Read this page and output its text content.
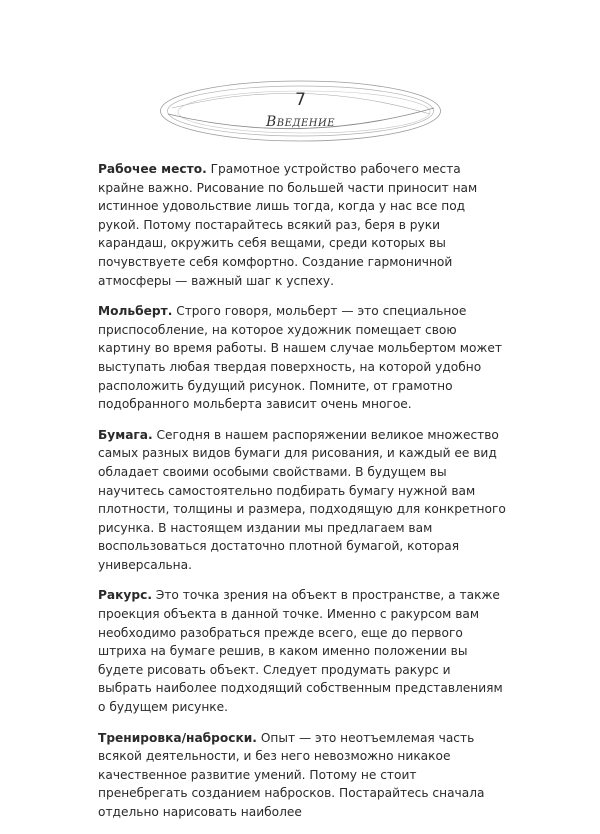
7
Введение

Рабочее место. Грамотное устройство рабочего места крайне важно. Рисование по большей части приносит нам истинное удовольствие лишь тогда, когда у нас все под рукой. Потому постарайтесь всякий раз, беря в руки карандаш, окружить себя вещами, среди которых вы почувствуете себя комфортно. Создание гармоничной атмосферы — важный шаг к успеху.

Мольберт. Строго говоря, мольберт — это специальное приспособление, на которое художник помещает свою картину во время работы. В нашем случае мольбертом может выступать любая твердая поверхность, на которой удобно расположить будущий рисунок. Помните, от грамотно подобранного мольберта зависит очень многое.

Бумага. Сегодня в нашем распоряжении великое множество самых разных видов бумаги для рисования, и каждый ее вид обладает своими особыми свойствами. В будущем вы научитесь самостоятельно подбирать бумагу нужной вам плотности, толщины и размера, подходящую для конкретного рисунка. В настоящем издании мы предлагаем вам воспользоваться достаточно плотной бумагой, которая универсальна.

Ракурс. Это точка зрения на объект в пространстве, а также проекция объекта в данной точке. Именно с ракурсом вам необходимо разобраться прежде всего, еще до первого штриха на бумаге решив, в каком именно положении вы будете рисовать объект. Следует продумать ракурс и выбрать наиболее подходящий собственным представлениям о будущем рисунке.

Тренировка/наброски. Опыт — это неотъемлемая часть всякой деятельности, и без него невозможно никакое качественное развитие умений. Потому не стоит пренебрегать созданием набросков. Постарайтесь сначала отдельно нарисовать наиболее
